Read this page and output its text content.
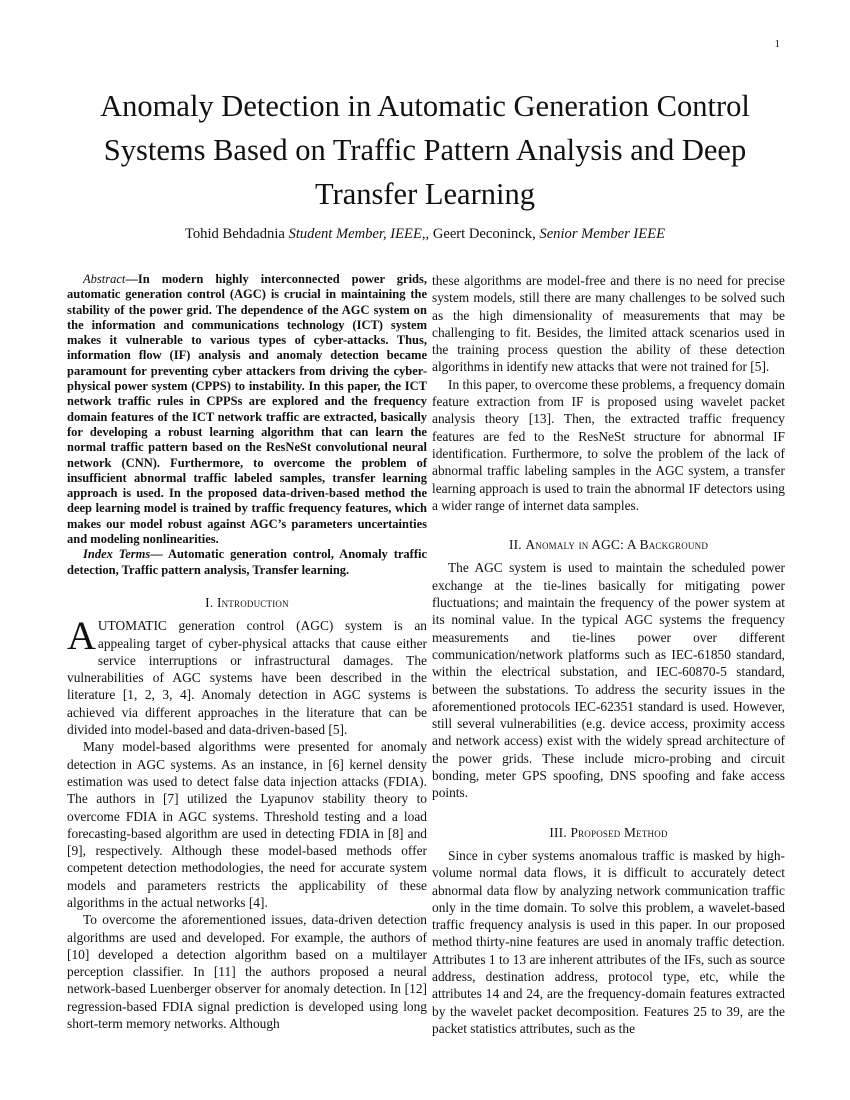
1
Anomaly Detection in Automatic Generation Control Systems Based on Traffic Pattern Analysis and Deep Transfer Learning
Tohid Behdadnia Student Member, IEEE,, Geert Deconinck, Senior Member IEEE

Abstract—In modern highly interconnected power grids, automatic generation control (AGC) is crucial in maintaining the stability of the power grid. The dependence of the AGC system on the information and communications technology (ICT) system makes it vulnerable to various types of cyber-attacks. Thus, information flow (IF) analysis and anomaly detection became paramount for preventing cyber attackers from driving the cyber-physical power system (CPPS) to instability. In this paper, the ICT network traffic rules in CPPSs are explored and the frequency domain features of the ICT network traffic are extracted, basically for developing a robust learning algorithm that can learn the normal traffic pattern based on the ResNeSt convolutional neural network (CNN). Furthermore, to overcome the problem of insufficient abnormal traffic labeled samples, transfer learning approach is used. In the proposed data-driven-based method the deep learning model is trained by traffic frequency features, which makes our model robust against AGC’s parameters uncertainties and modeling nonlinearities.

Index Terms— Automatic generation control, Anomaly traffic detection, Traffic pattern analysis, Transfer learning.

I. Introduction

AUTOMATIC generation control (AGC) system is an appealing target of cyber-physical attacks that cause either service interruptions or infrastructural damages. The vulnerabilities of AGC systems have been described in the literature [1, 2, 3, 4]. Anomaly detection in AGC systems is achieved via different approaches in the literature that can be divided into model-based and data-driven-based [5].

Many model-based algorithms were presented for anomaly detection in AGC systems. As an instance, in [6] kernel density estimation was used to detect false data injection attacks (FDIA). The authors in [7] utilized the Lyapunov stability theory to overcome FDIA in AGC systems. Threshold testing and a load forecasting-based algorithm are used in detecting FDIA in [8] and [9], respectively. Although these model-based methods offer competent detection methodologies, the need for accurate system models and parameters restricts the applicability of these algorithms in the actual networks [4].

To overcome the aforementioned issues, data-driven detection algorithms are used and developed. For example, the authors of [10] developed a detection algorithm based on a multilayer perception classifier. In [11] the authors proposed a neural network-based Luenberger observer for anomaly detection. In [12] regression-based FDIA signal prediction is developed using long short-term memory networks. Although

these algorithms are model-free and there is no need for precise system models, still there are many challenges to be solved such as the high dimensionality of measurements that may be challenging to fit. Besides, the limited attack scenarios used in the training process question the ability of these detection algorithms in identify new attacks that were not trained for [5].

In this paper, to overcome these problems, a frequency domain feature extraction from IF is proposed using wavelet packet analysis theory [13]. Then, the extracted traffic frequency features are fed to the ResNeSt structure for abnormal IF identification. Furthermore, to solve the problem of the lack of abnormal traffic labeling samples in the AGC system, a transfer learning approach is used to train the abnormal IF detectors using a wider range of internet data samples.

II. Anomaly in AGC: A Background

The AGC system is used to maintain the scheduled power exchange at the tie-lines basically for mitigating power fluctuations; and maintain the frequency of the power system at its nominal value. In the typical AGC systems the frequency measurements and tie-lines power over different communication/network platforms such as IEC-61850 standard, within the electrical substation, and IEC-60870-5 standard, between the substations. To address the security issues in the aforementioned protocols IEC-62351 standard is used. However, still several vulnerabilities (e.g. device access, proximity access and network access) exist with the widely spread architecture of the power grids. These include micro-probing and circuit bonding, meter GPS spoofing, DNS spoofing and fake access points.

III. Proposed Method

Since in cyber systems anomalous traffic is masked by high-volume normal data flows, it is difficult to accurately detect abnormal data flow by analyzing network communication traffic only in the time domain. To solve this problem, a wavelet-based traffic frequency analysis is used in this paper. In our proposed method thirty-nine features are used in anomaly traffic detection. Attributes 1 to 13 are inherent attributes of the IFs, such as source address, destination address, protocol type, etc, while the attributes 14 and 24, are the frequency-domain features extracted by the wavelet packet decomposition. Features 25 to 39, are the packet statistics attributes, such as the
